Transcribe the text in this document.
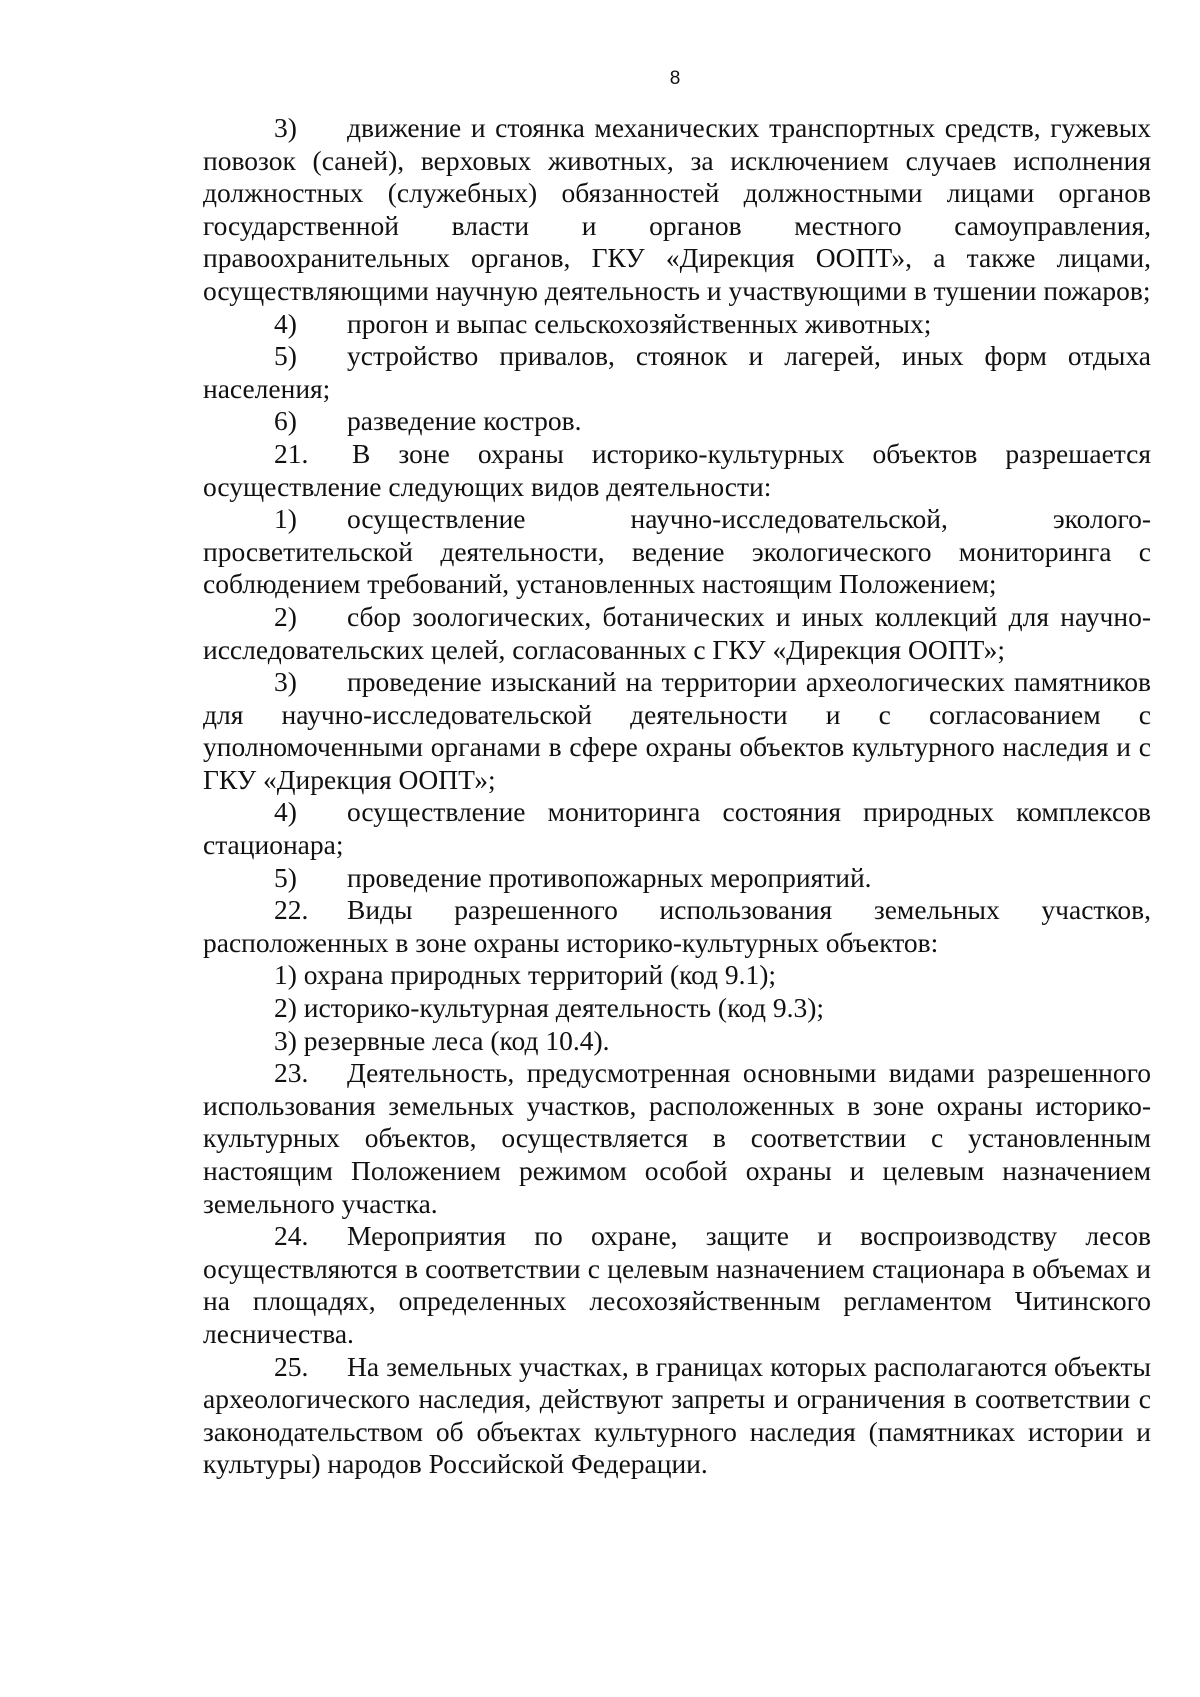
8

3) движение и стоянка механических транспортных средств, гужевых повозок (саней), верховых животных, за исключением случаев исполнения должностных (служебных) обязанностей должностными лицами органов государственной власти и органов местного самоуправления, правоохранительных органов, ГКУ «Дирекция ООПТ», а также лицами, осуществляющими научную деятельность и участвующими в тушении пожаров;

4) прогон и выпас сельскохозяйственных животных;

5) устройство привалов, стоянок и лагерей, иных форм отдыха населения;

6) разведение костров.

21. В зоне охраны историко-культурных объектов разрешается осуществление следующих видов деятельности:

1) осуществление научно-исследовательской, эколого-просветительской деятельности, ведение экологического мониторинга с соблюдением требований, установленных настоящим Положением;

2) сбор зоологических, ботанических и иных коллекций для научно-исследовательских целей, согласованных с ГКУ «Дирекция ООПТ»;

3) проведение изысканий на территории археологических памятников для научно-исследовательской деятельности и с согласованием с уполномоченными органами в сфере охраны объектов культурного наследия и с ГКУ «Дирекция ООПТ»;

4) осуществление мониторинга состояния природных комплексов стационара;

5) проведение противопожарных мероприятий.

22. Виды разрешенного использования земельных участков, расположенных в зоне охраны историко-культурных объектов:

1) охрана природных территорий (код 9.1);

2) историко-культурная деятельность (код 9.3);

3) резервные леса (код 10.4).

23. Деятельность, предусмотренная основными видами разрешенного использования земельных участков, расположенных в зоне охраны историко-культурных объектов, осуществляется в соответствии с установленным настоящим Положением режимом особой охраны и целевым назначением земельного участка.

24. Мероприятия по охране, защите и воспроизводству лесов осуществляются в соответствии с целевым назначением стационара в объемах и на площадях, определенных лесохозяйственным регламентом Читинского лесничества.

25. На земельных участках, в границах которых располагаются объекты археологического наследия, действуют запреты и ограничения в соответствии с законодательством об объектах культурного наследия (памятниках истории и культуры) народов Российской Федерации.
